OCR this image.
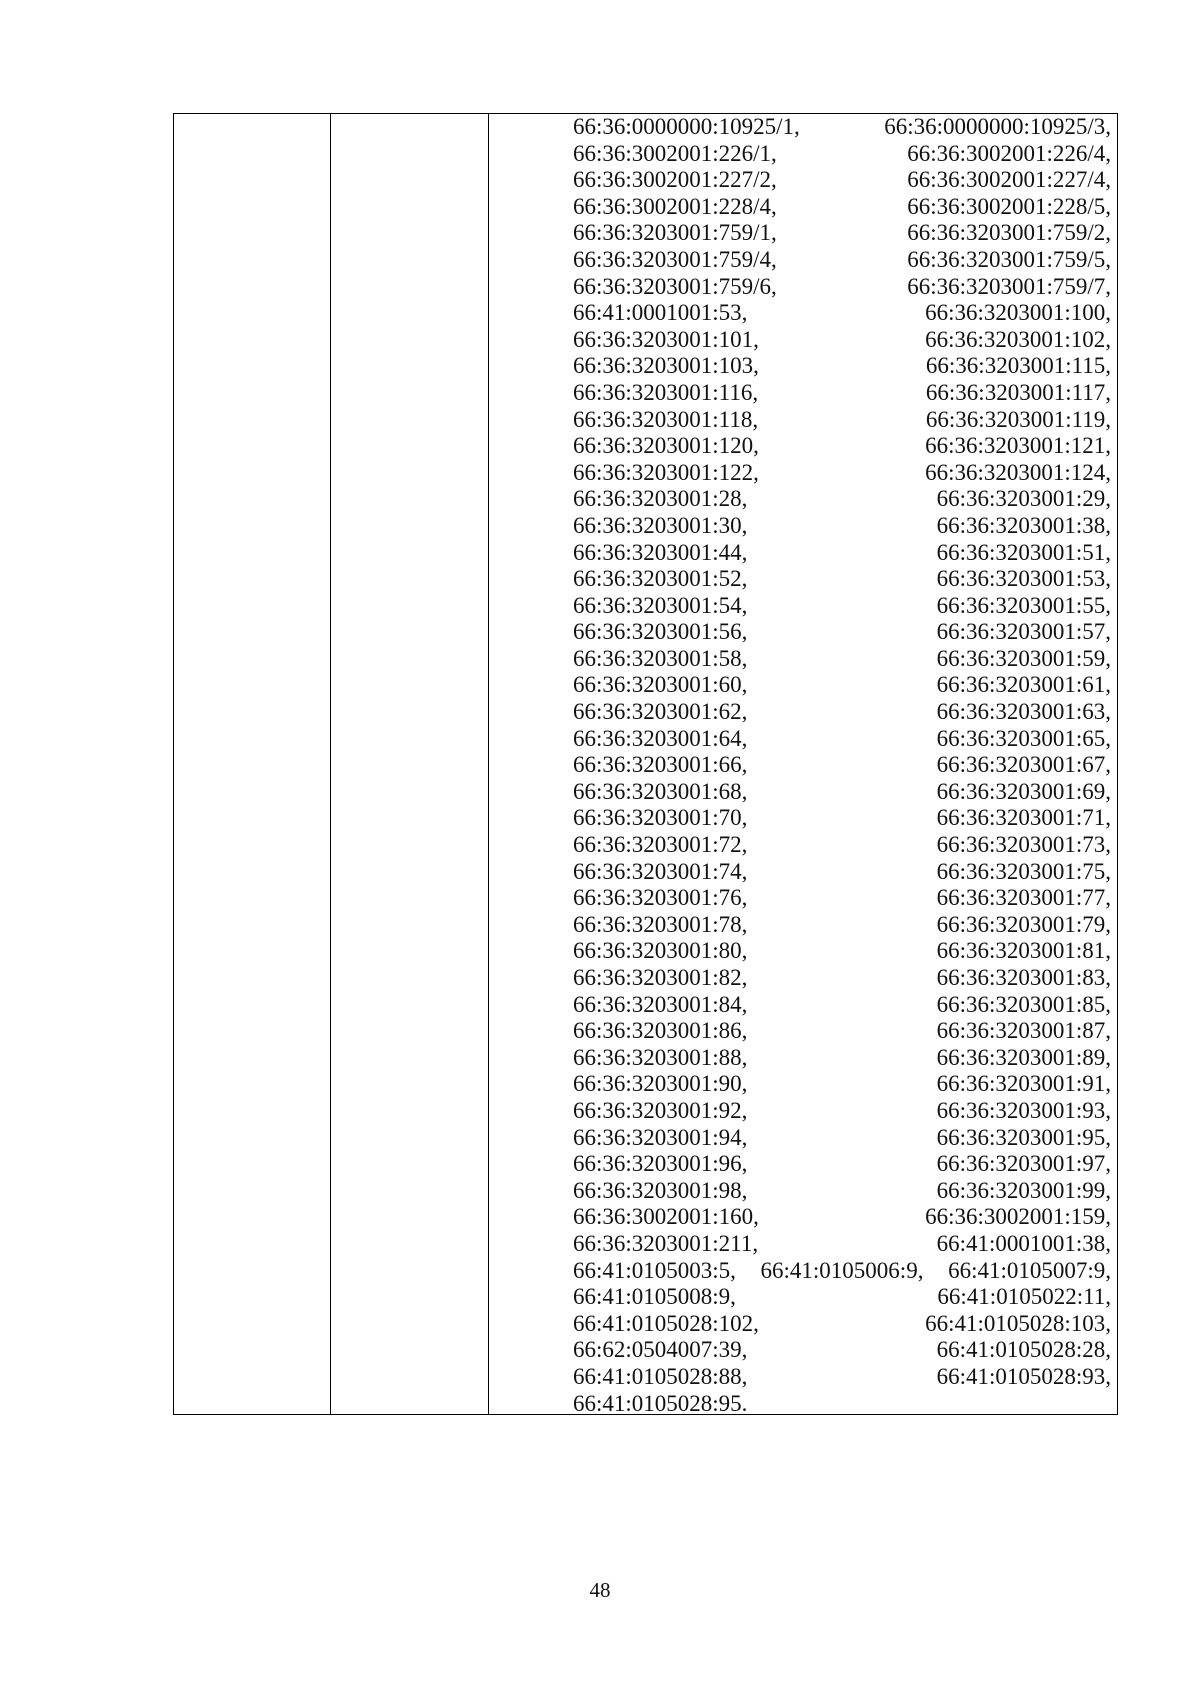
66:36:0000000:10925/1,	66:36:0000000:10925/3,
66:36:3002001:226/1,	66:36:3002001:226/4,
66:36:3002001:227/2,	66:36:3002001:227/4,
66:36:3002001:228/4,	66:36:3002001:228/5,
66:36:3203001:759/1,	66:36:3203001:759/2,
66:36:3203001:759/4,	66:36:3203001:759/5,
66:36:3203001:759/6,	66:36:3203001:759/7,
66:41:0001001:53,	66:36:3203001:100,
66:36:3203001:101,	66:36:3203001:102,
66:36:3203001:103,	66:36:3203001:115,
66:36:3203001:116,	66:36:3203001:117,
66:36:3203001:118,	66:36:3203001:119,
66:36:3203001:120,	66:36:3203001:121,
66:36:3203001:122,	66:36:3203001:124,
66:36:3203001:28,	66:36:3203001:29,
66:36:3203001:30,	66:36:3203001:38,
66:36:3203001:44,	66:36:3203001:51,
66:36:3203001:52,	66:36:3203001:53,
66:36:3203001:54,	66:36:3203001:55,
66:36:3203001:56,	66:36:3203001:57,
66:36:3203001:58,	66:36:3203001:59,
66:36:3203001:60,	66:36:3203001:61,
66:36:3203001:62,	66:36:3203001:63,
66:36:3203001:64,	66:36:3203001:65,
66:36:3203001:66,	66:36:3203001:67,
66:36:3203001:68,	66:36:3203001:69,
66:36:3203001:70,	66:36:3203001:71,
66:36:3203001:72,	66:36:3203001:73,
66:36:3203001:74,	66:36:3203001:75,
66:36:3203001:76,	66:36:3203001:77,
66:36:3203001:78,	66:36:3203001:79,
66:36:3203001:80,	66:36:3203001:81,
66:36:3203001:82,	66:36:3203001:83,
66:36:3203001:84,	66:36:3203001:85,
66:36:3203001:86,	66:36:3203001:87,
66:36:3203001:88,	66:36:3203001:89,
66:36:3203001:90,	66:36:3203001:91,
66:36:3203001:92,	66:36:3203001:93,
66:36:3203001:94,	66:36:3203001:95,
66:36:3203001:96,	66:36:3203001:97,
66:36:3203001:98,	66:36:3203001:99,
66:36:3002001:160,	66:36:3002001:159,
66:36:3203001:211,	66:41:0001001:38,
66:41:0105003:5, 66:41:0105006:9, 66:41:0105007:9,
66:41:0105008:9,	66:41:0105022:11,
66:41:0105028:102,	66:41:0105028:103,
66:62:0504007:39,	66:41:0105028:28,
66:41:0105028:88,	66:41:0105028:93,
66:41:0105028:95.
48
